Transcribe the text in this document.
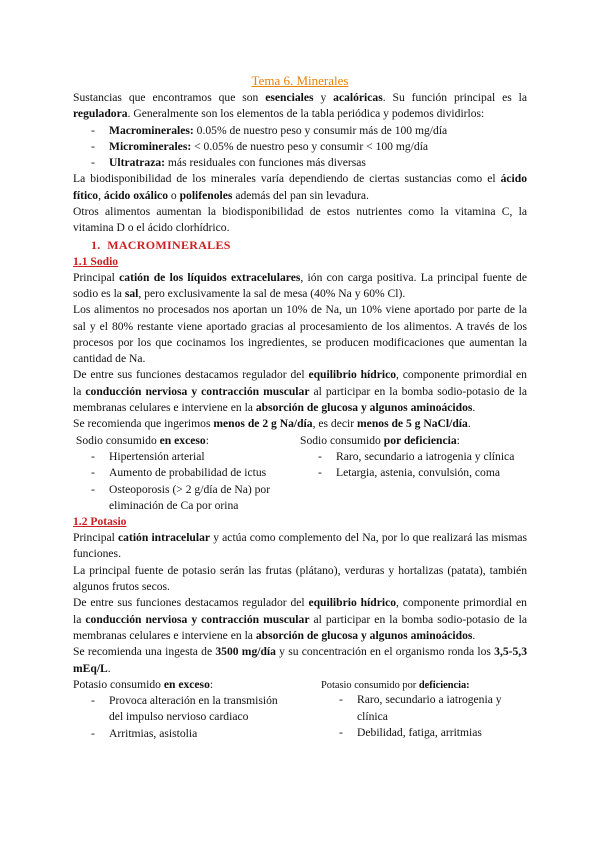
Tema 6. Minerales

Sustancias que encontramos que son esenciales y acalóricas. Su función principal es la reguladora. Generalmente son los elementos de la tabla periódica y podemos dividirlos:

- Macrominerales: 0.05% de nuestro peso y consumir más de 100 mg/día
- Microminerales: < 0.05% de nuestro peso y consumir < 100 mg/día
- Ultratraza: más residuales con funciones más diversas

La biodisponibilidad de los minerales varía dependiendo de ciertas sustancias como el ácido fítico, ácido oxálico o polifenoles además del pan sin levadura.

Otros alimentos aumentan la biodisponibilidad de estos nutrientes como la vitamina C, la vitamina D o el ácido clorhídrico.

1. MACROMINERALES
1.1 Sodio

Principal catión de los líquidos extracelulares, ión con carga positiva. La principal fuente de sodio es la sal, pero exclusivamente la sal de mesa (40% Na y 60% Cl).

Los alimentos no procesados nos aportan un 10% de Na, un 10% viene aportado por parte de la sal y el 80% restante viene aportado gracias al procesamiento de los alimentos. A través de los procesos por los que cocinamos los ingredientes, se producen modificaciones que aumentan la cantidad de Na.

De entre sus funciones destacamos regulador del equilibrio hídrico, componente primordial en la conducción nerviosa y contracción muscular al participar en la bomba sodio-potasio de la membranas celulares e interviene en la absorción de glucosa y algunos aminoácidos.

Se recomienda que ingerimos menos de 2 g Na/día, es decir menos de 5 g NaCl/día.

Sodio consumido en exceso:

- Hipertensión arterial
- Aumento de probabilidad de ictus
- Osteoporosis (> 2 g/día de Na) por eliminación de Ca por orina

Sodio consumido por deficiencia:

- Raro, secundario a iatrogenia y clínica
- Letargia, astenia, convulsión, coma
1.2 Potasio

Principal catión intracelular y actúa como complemento del Na, por lo que realizará las mismas funciones.

La principal fuente de potasio serán las frutas (plátano), verduras y hortalizas (patata), también algunos frutos secos.

De entre sus funciones destacamos regulador del equilibrio hídrico, componente primordial en la conducción nerviosa y contracción muscular al participar en la bomba sodio-potasio de la membranas celulares e interviene en la absorción de glucosa y algunos aminoácidos.

Se recomienda una ingesta de 3500 mg/día y su concentración en el organismo ronda los 3,5-5,3 mEq/L.

Potasio consumido en exceso:

- Provoca alteración en la transmisión del impulso nervioso cardiaco
- Arritmias, asistolia

Potasio consumido por deficiencia:

- Raro, secundario a iatrogenia y clínica
- Debilidad, fatiga, arritmias
